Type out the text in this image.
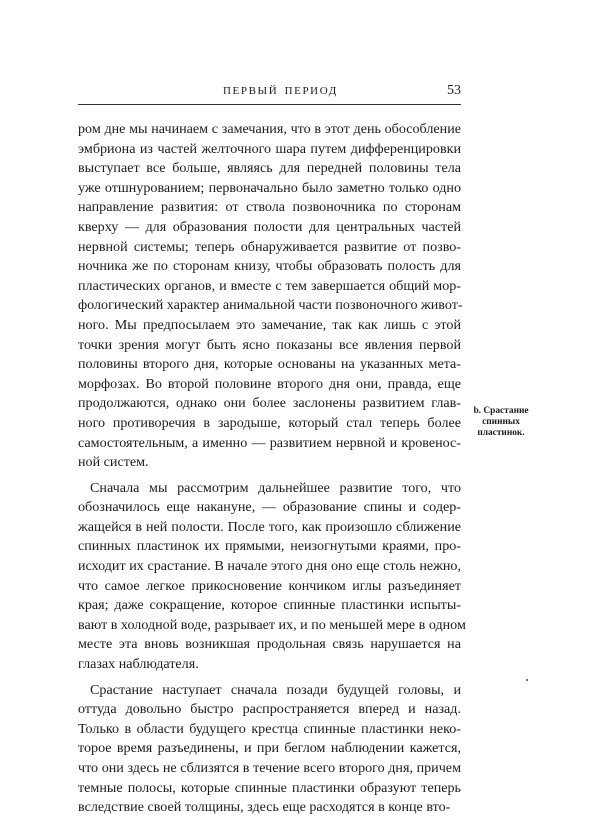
ПЕРВЫЙ ПЕРИОД	53
ром дне мы начинаем с замечания, что в этот день обособление
эмбриона из частей желточного шара путем дифференцировки
выступает все больше, являясь для передней половины тела
уже отшнурованием; первоначально было заметно только одно
направление развития: от ствола позвоночника по сторонам
кверху — для образования полости для центральных частей
нервной системы; теперь обнаруживается развитие от позво-
ночника же по сторонам книзу, чтобы образовать полость для
пластических органов, и вместе с тем завершается общий мор-
фологический характер анимальной части позвоночного живот-
ного. Мы предпосылаем это замечание, так как лишь с этой
точки зрения могут быть ясно показаны все явления первой
половины второго дня, которые основаны на указанных мета-
морфозах. Во второй половине второго дня они, правда, еще
продолжаются, однако они более заслонены развитием глав-
ного противоречия в зародыше, который стал теперь более
самостоятельным, а именно — развитием нервной и кровенос-
ной систем.
Сначала мы рассмотрим дальнейшее развитие того, что
обозначилось еще накануне, — образование спины и содер-
жащейся в ней полости. После того, как произошло сближение
спинных пластинок их прямыми, неизогнутыми краями, про-
исходит их срастание. В начале этого дня оно еще столь нежно,
что самое легкое прикосновение кончиком иглы разъединяет
края; даже сокращение, которое спинные пластинки испыты-
вают в холодной воде, разрывает их, и по меньшей мере в одном
месте эта вновь возникшая продольная связь нарушается на
глазах наблюдателя.
Срастание наступает сначала позади будущей головы, и
оттуда довольно быстро распространяется вперед и назад.
Только в области будущего крестца спинные пластинки неко-
торое время разъединены, и при беглом наблюдении кажется,
что они здесь не сблизятся в течение всего второго дня, причем
темные полосы, которые спинные пластинки образуют теперь
вследствие своей толщины, здесь еще расходятся в конце вто-
b. Срастание
спинных
пластинок.
